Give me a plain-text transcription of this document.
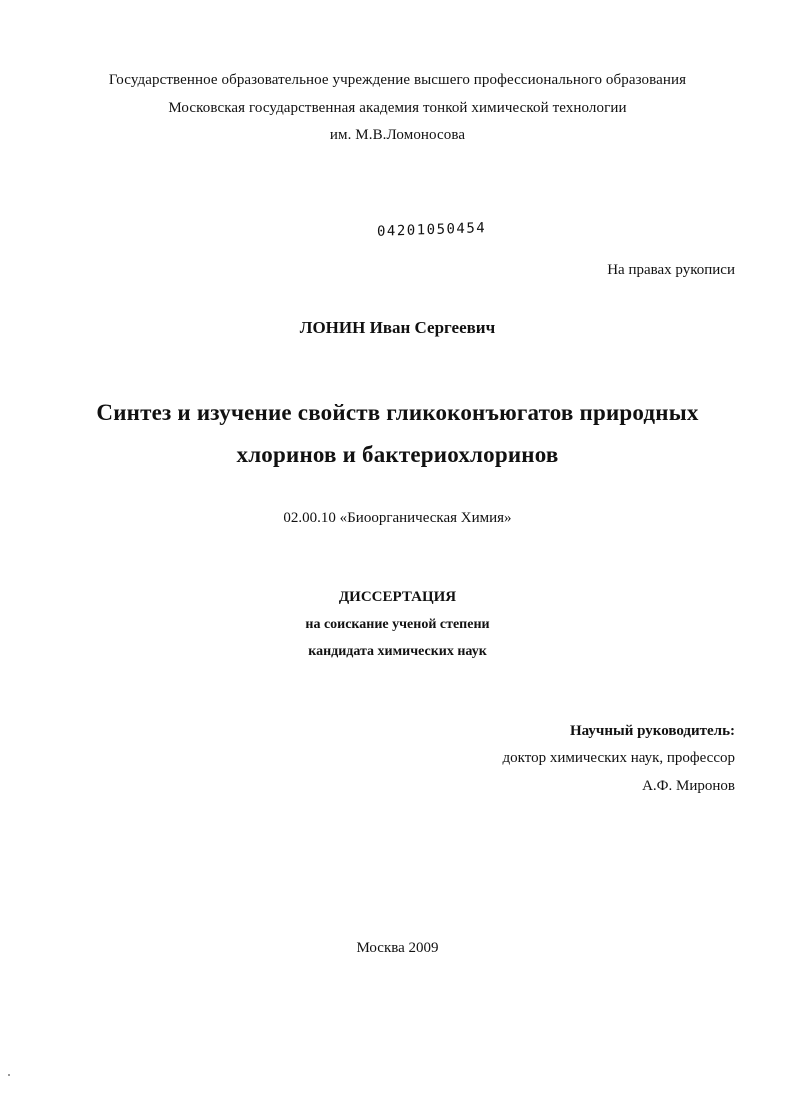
Государственное образовательное учреждение высшего профессионального образования

Московская государственная академия тонкой химической технологии

им. М.В.Ломоносова

04201050454

На правах рукописи

ЛОНИН Иван Сергеевич

Синтез и изучение свойств гликоконъюгатов природных

хлоринов и бактериохлоринов

02.00.10 «Биоорганическая Химия»

ДИССЕРТАЦИЯ

на соискание ученой степени

кандидата химических наук

Научный руководитель:

доктор химических наук, профессор

А.Ф. Миронов

Москва 2009
